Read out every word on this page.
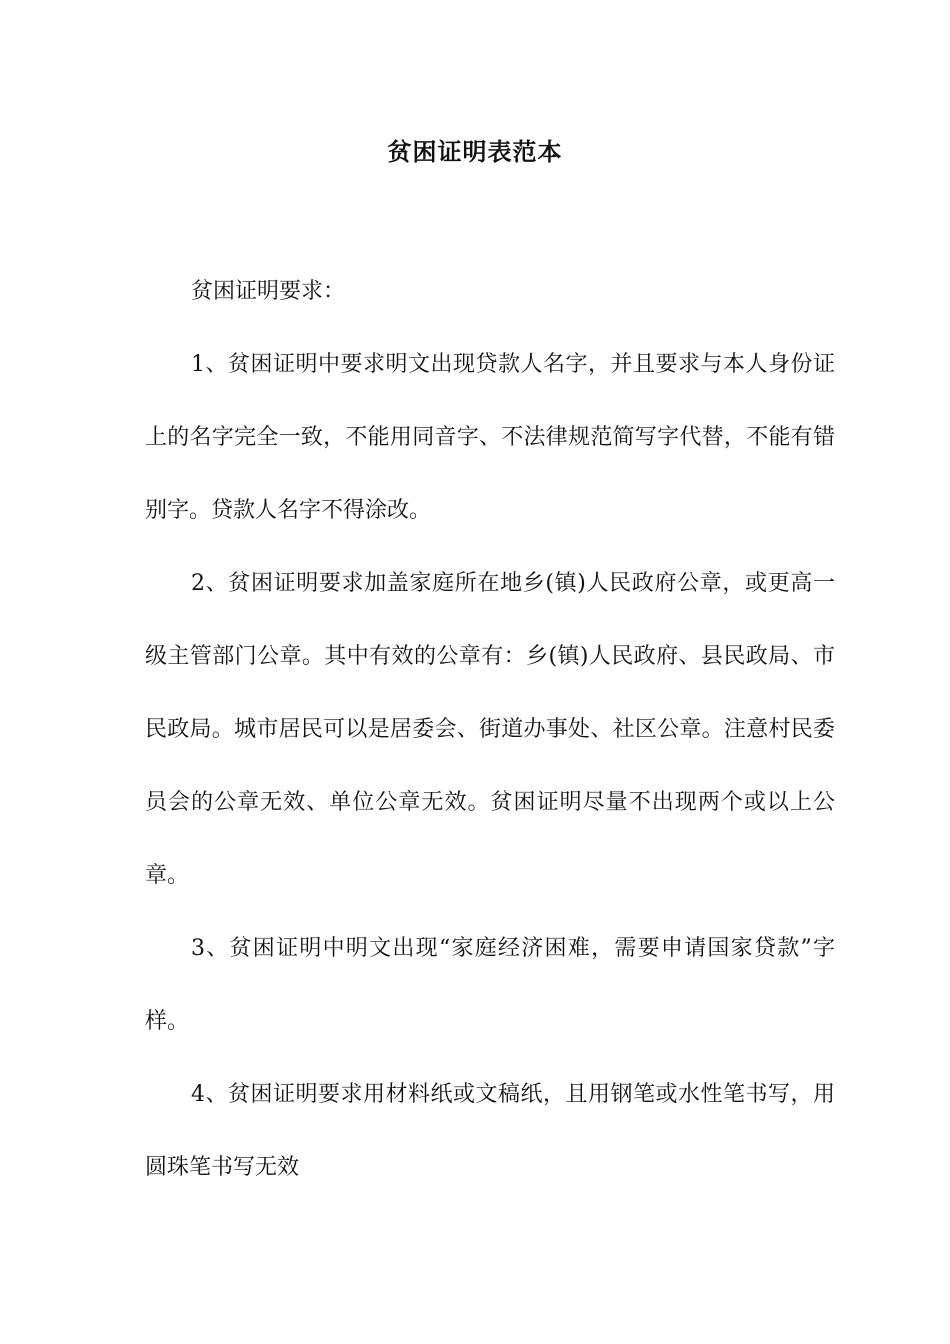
贫困证明表范本

贫困证明要求：

1、贫困证明中要求明文出现贷款人名字，并且要求与本人身份证上的名字完全一致，不能用同音字、不法律规范简写字代替，不能有错别字。贷款人名字不得涂改。

2、贫困证明要求加盖家庭所在地乡(镇)人民政府公章，或更高一级主管部门公章。其中有效的公章有：乡(镇)人民政府、县民政局、市民政局。城市居民可以是居委会、街道办事处、社区公章。注意村民委员会的公章无效、单位公章无效。贫困证明尽量不出现两个或以上公章。

3、贫困证明中明文出现“家庭经济困难，需要申请国家贷款”字样。

4、贫困证明要求用材料纸或文稿纸，且用钢笔或水性笔书写，用圆珠笔书写无效
